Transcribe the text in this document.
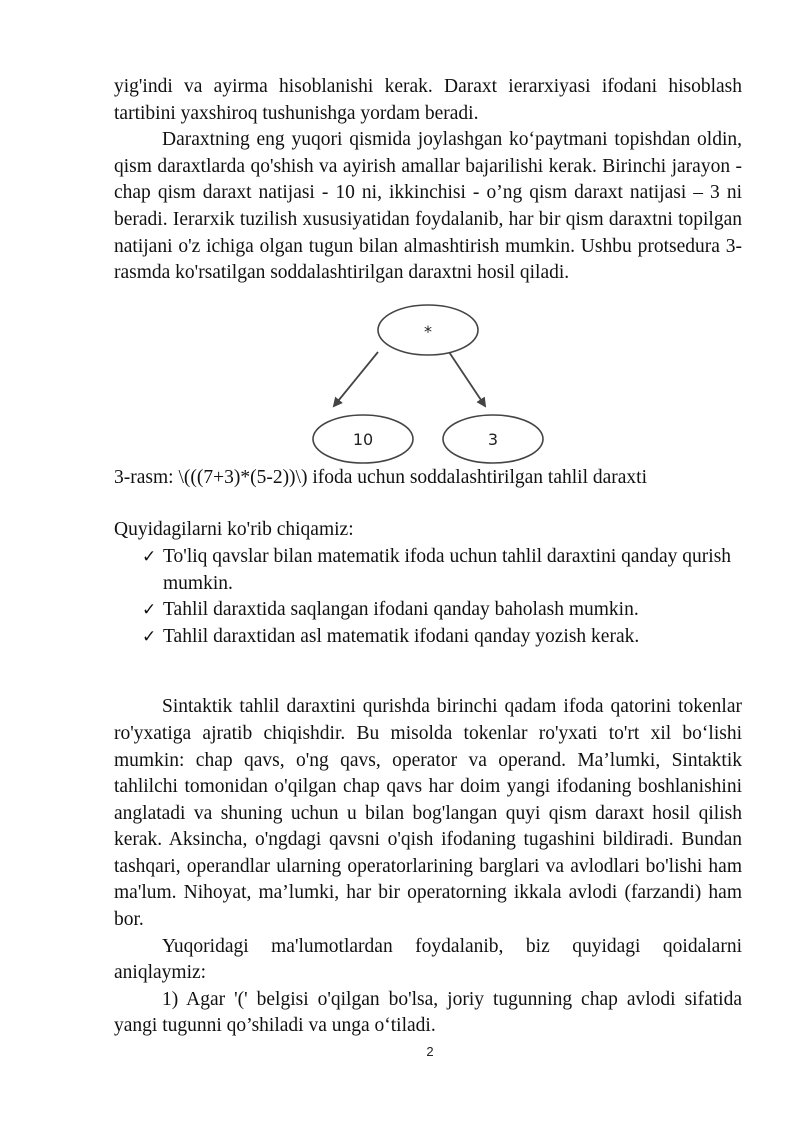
yig'indi va ayirma hisoblanishi kerak. Daraxt ierarxiyasi ifodani hisoblash tartibini yaxshiroq tushunishga yordam beradi.

Daraxtning eng yuqori qismida joylashgan ko‘paytmani topishdan oldin, qism daraxtlarda qo'shish va ayirish amallar bajarilishi kerak. Birinchi jarayon - chap qism daraxt natijasi - 10 ni, ikkinchisi - o’ng qism daraxt natijasi – 3 ni beradi. Ierarxik tuzilish xususiyatidan foydalanib, har bir qism daraxtni topilgan natijani o'z ichiga olgan tugun bilan almashtirish mumkin. Ushbu protsedura 3-rasmda ko'rsatilgan soddalashtirilgan daraxtni hosil qiladi.

*
10	3

3-rasm: \(((7+3)*(5-2))\) ifoda uchun soddalashtirilgan tahlil daraxti

Quyidagilarni ko'rib chiqamiz:

✓ To'liq qavslar bilan matematik ifoda uchun tahlil daraxtini qanday qurish mumkin.
✓ Tahlil daraxtida saqlangan ifodani qanday baholash mumkin.
✓ Tahlil daraxtidan asl matematik ifodani qanday yozish kerak.

Sintaktik tahlil daraxtini qurishda birinchi qadam ifoda qatorini tokenlar ro'yxatiga ajratib chiqishdir. Bu misolda tokenlar ro'yxati to'rt xil bo‘lishi mumkin: chap qavs, o'ng qavs, operator va operand. Ma’lumki, Sintaktik tahlilchi tomonidan o'qilgan chap qavs har doim yangi ifodaning boshlanishini anglatadi va shuning uchun u bilan bog'langan quyi qism daraxt hosil qilish kerak. Aksincha, o'ngdagi qavsni o'qish ifodaning tugashini bildiradi. Bundan tashqari, operandlar ularning operatorlarining barglari va avlodlari bo'lishi ham ma'lum. Nihoyat, ma’lumki, har bir operatorning ikkala avlodi (farzandi) ham bor.

Yuqoridagi ma'lumotlardan foydalanib, biz quyidagi qoidalarni aniqlaymiz:

1) Agar '(' belgisi o'qilgan bo'lsa, joriy tugunning chap avlodi sifatida yangi tugunni qo’shiladi va unga o‘tiladi.

2
